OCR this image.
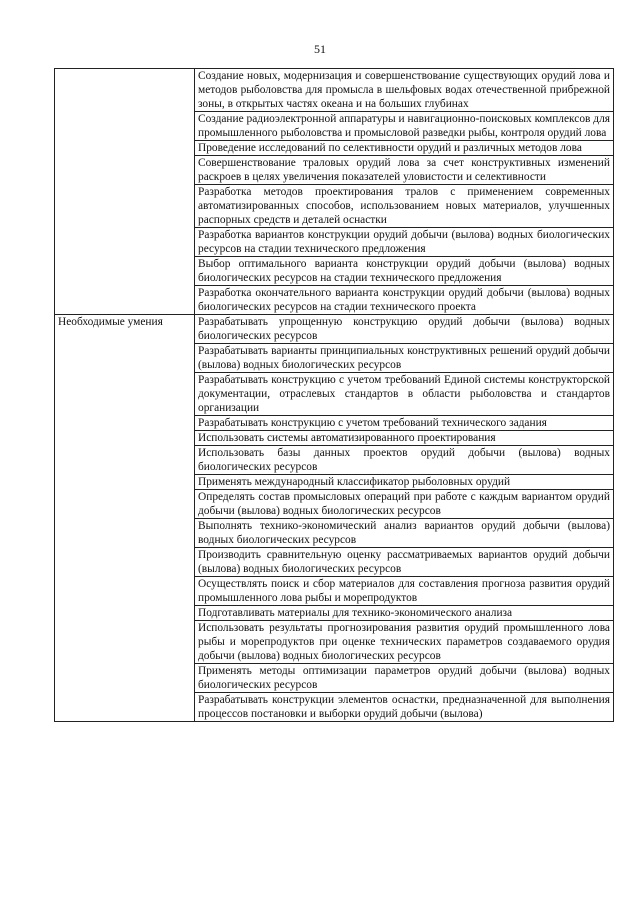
51
	Создание новых, модернизация и совершенствование существующих орудий лова и методов рыболовства для промысла в шельфовых водах отечественной прибрежной зоны, в открытых частях океана и на больших глубинах
	Создание радиоэлектронной аппаратуры и навигационно-поисковых комплексов для промышленного рыболовства и промысловой разведки рыбы, контроля орудий лова
	Проведение исследований по селективности орудий и различных методов лова
	Совершенствование траловых орудий лова за счет конструктивных изменений раскроев в целях увеличения показателей уловистости и селективности
	Разработка методов проектирования тралов с применением современных автоматизированных способов, использованием новых материалов, улучшенных распорных средств и деталей оснастки
	Разработка вариантов конструкции орудий добычи (вылова) водных биологических ресурсов на стадии технического предложения
	Выбор оптимального варианта конструкции орудий добычи (вылова) водных биологических ресурсов на стадии технического предложения
	Разработка окончательного варианта конструкции орудий добычи (вылова) водных биологических ресурсов на стадии технического проекта
Необходимые умения	Разрабатывать упрощенную конструкцию орудий добычи (вылова) водных биологических ресурсов
	Разрабатывать варианты принципиальных конструктивных решений орудий добычи (вылова) водных биологических ресурсов
	Разрабатывать конструкцию с учетом требований Единой системы конструкторской документации, отраслевых стандартов в области рыболовства и стандартов организации
	Разрабатывать конструкцию с учетом требований технического задания
	Использовать системы автоматизированного проектирования
	Использовать базы данных проектов орудий добычи (вылова) водных биологических ресурсов
	Применять международный классификатор рыболовных орудий
	Определять состав промысловых операций при работе с каждым вариантом орудий добычи (вылова) водных биологических ресурсов
	Выполнять технико-экономический анализ вариантов орудий добычи (вылова) водных биологических ресурсов
	Производить сравнительную оценку рассматриваемых вариантов орудий добычи (вылова) водных биологических ресурсов
	Осуществлять поиск и сбор материалов для составления прогноза развития орудий промышленного лова рыбы и морепродуктов
	Подготавливать материалы для технико-экономического анализа
	Использовать результаты прогнозирования развития орудий промышленного лова рыбы и морепродуктов при оценке технических параметров создаваемого орудия добычи (вылова) водных биологических ресурсов
	Применять методы оптимизации параметров орудий добычи (вылова) водных биологических ресурсов
	Разрабатывать конструкции элементов оснастки, предназначенной для выполнения процессов постановки и выборки орудий добычи (вылова)
